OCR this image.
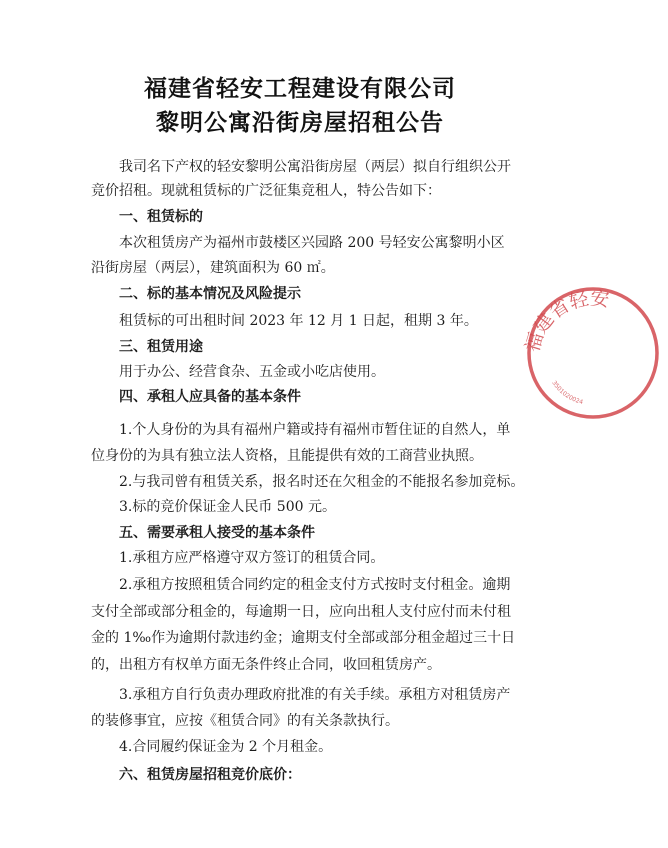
福建省轻安工程建设有限公司
黎明公寓沿街房屋招租公告
我司名下产权的轻安黎明公寓沿街房屋（两层）拟自行组织公开
竞价招租。现就租赁标的广泛征集竞租人，特公告如下：
一、租赁标的
本次租赁房产为福州市鼓楼区兴园路 200 号轻安公寓黎明小区
沿街房屋（两层），建筑面积为 60 ㎡。
二、标的基本情况及风险提示
租赁标的可出租时间 2023 年 12 月 1 日起，租期 3 年。
三、租赁用途
用于办公、经营食杂、五金或小吃店使用。
四、承租人应具备的基本条件
1.个人身份的为具有福州户籍或持有福州市暂住证的自然人，单
位身份的为具有独立法人资格，且能提供有效的工商营业执照。
2.与我司曾有租赁关系，报名时还在欠租金的不能报名参加竞标。
3.标的竞价保证金人民币 500 元。
五、需要承租人接受的基本条件
1.承租方应严格遵守双方签订的租赁合同。
2.承租方按照租赁合同约定的租金支付方式按时支付租金。逾期
支付全部或部分租金的，每逾期一日，应向出租人支付应付而未付租
金的 1‰作为逾期付款违约金；逾期支付全部或部分租金超过三十日
的，出租方有权单方面无条件终止合同，收回租赁房产。
3.承租方自行负责办理政府批准的有关手续。承租方对租赁房产
的装修事宜，应按《租赁合同》的有关条款执行。
4.合同履约保证金为 2 个月租金。
六、租赁房屋招租竞价底价：
福建省轻安
3501020024
